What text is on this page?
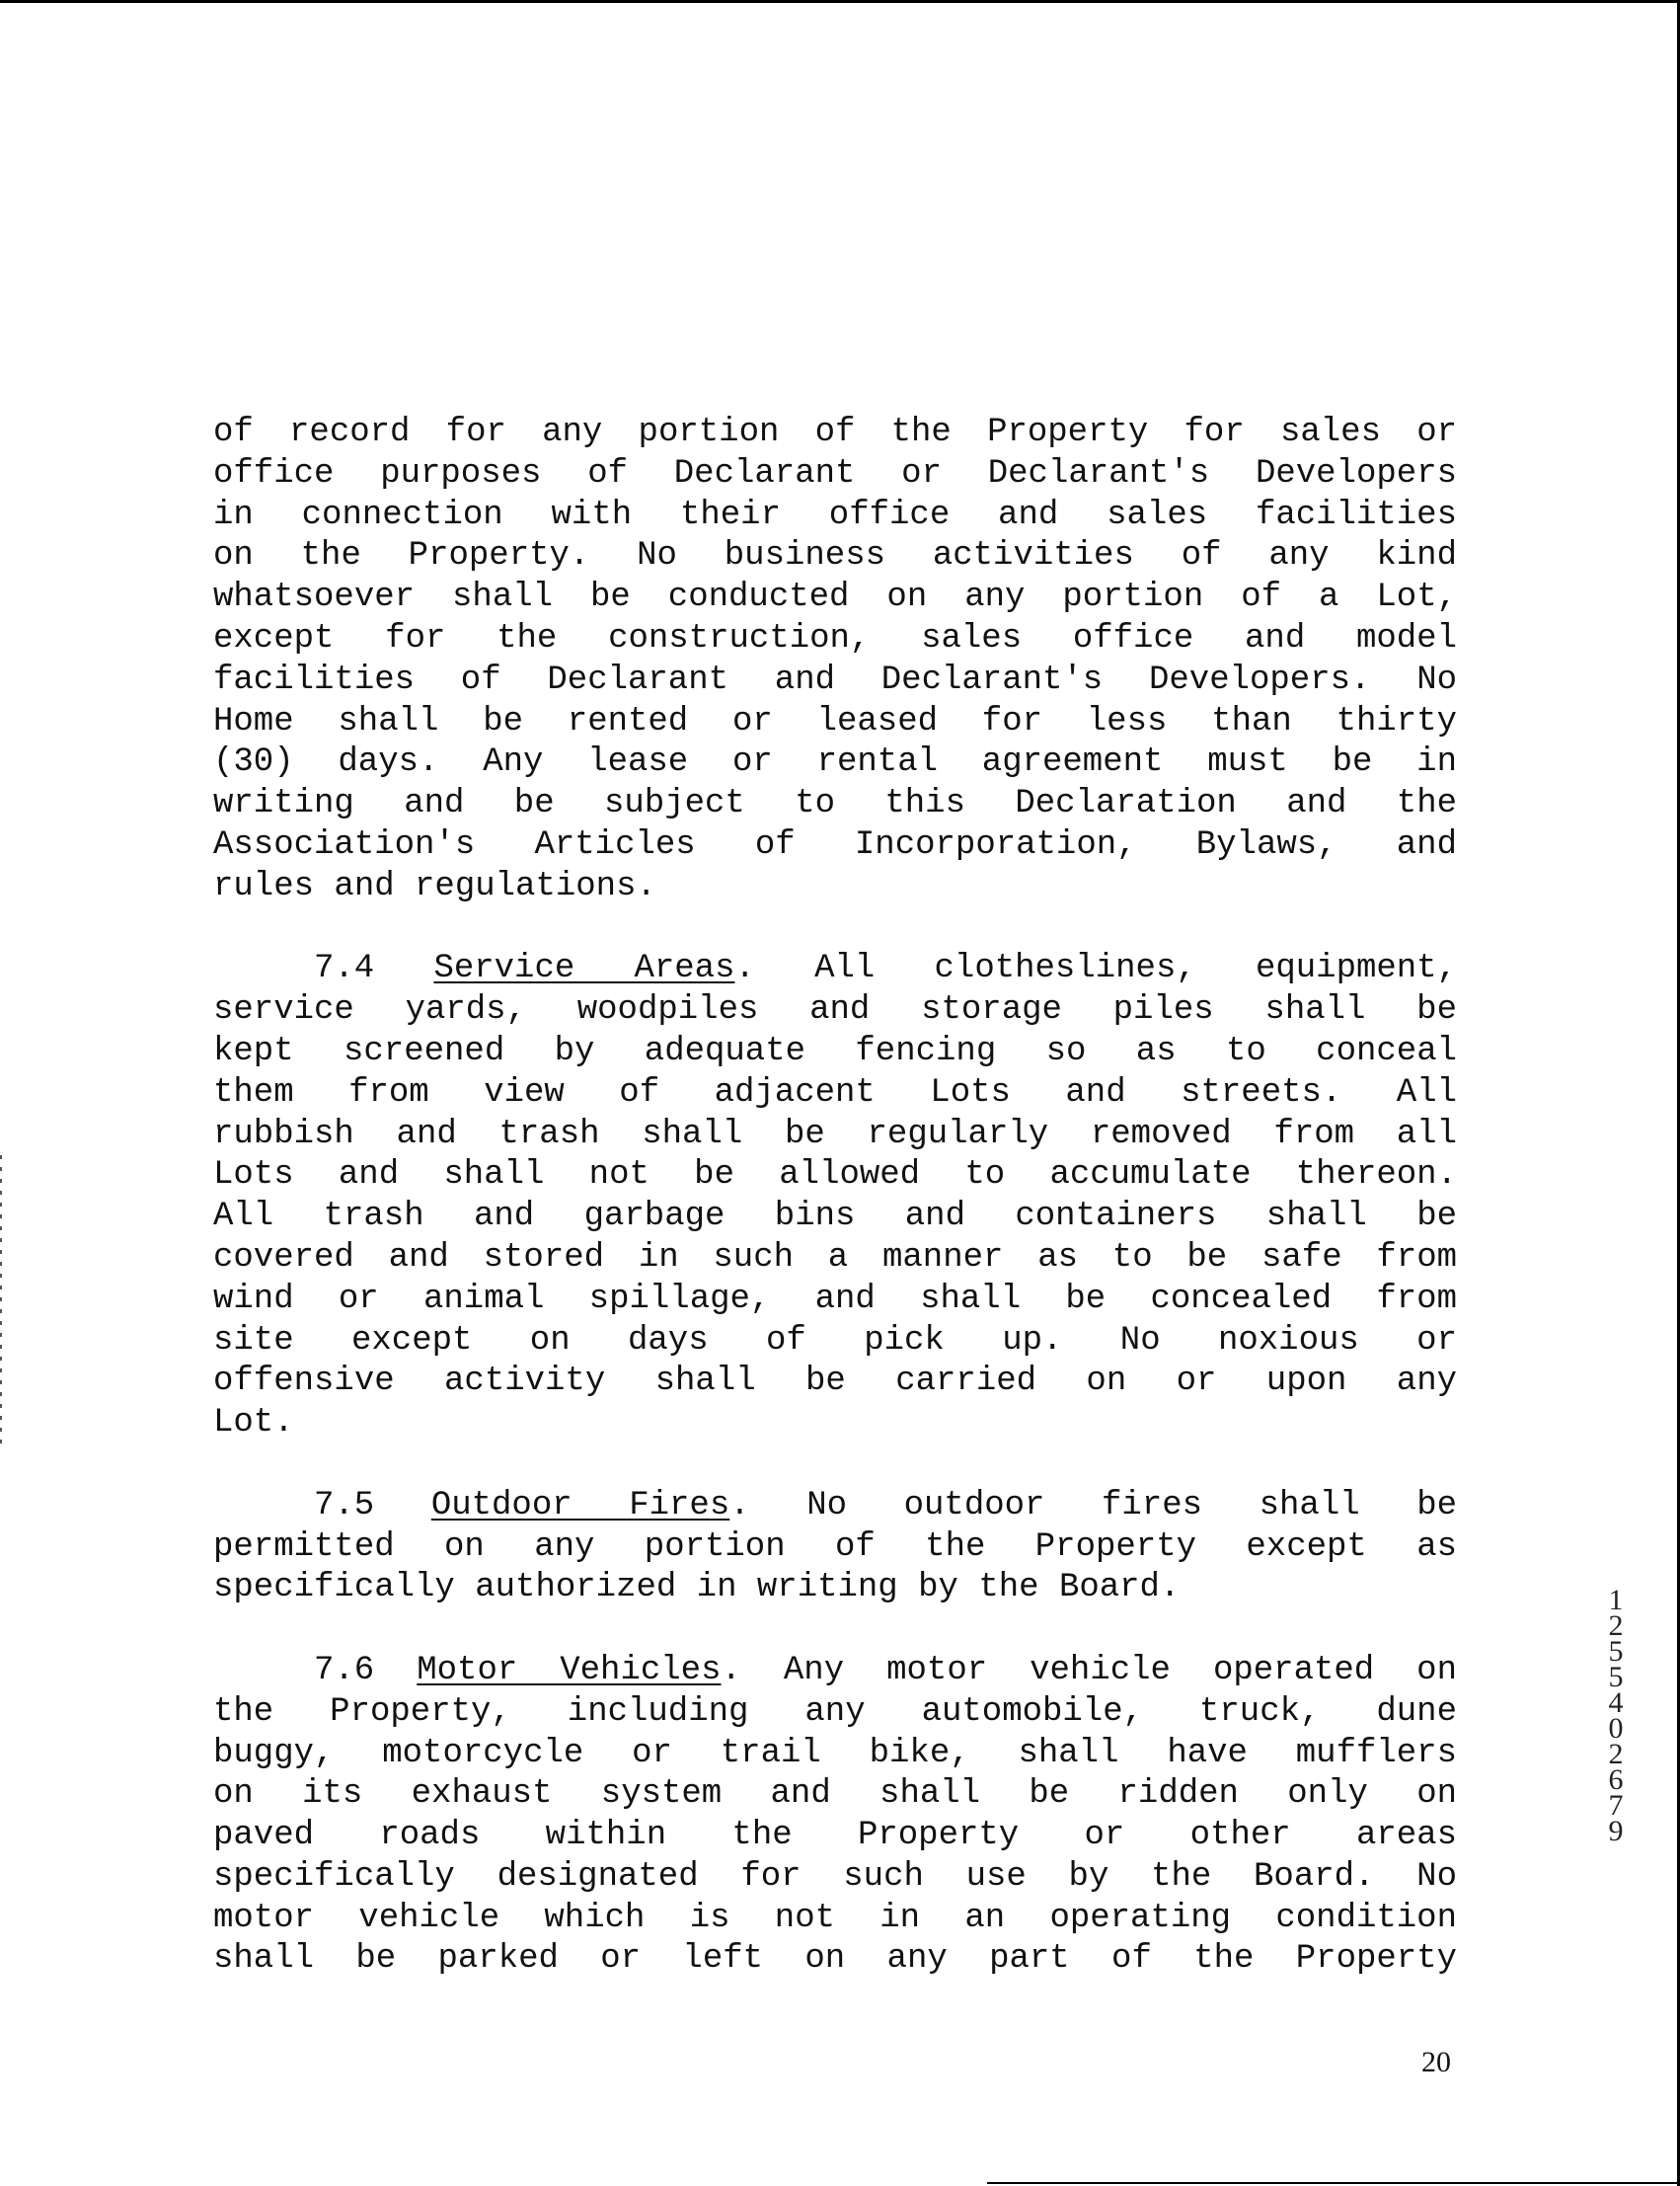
of record for any portion of the Property for sales or
office purposes of Declarant or Declarant's Developers
in connection with their office and sales facilities
on the Property. No business activities of any kind
whatsoever shall be conducted on any portion of a Lot,
except for the construction, sales office and model
facilities of Declarant and Declarant's Developers. No
Home shall be rented or leased for less than thirty
(30) days. Any lease or rental agreement must be in
writing and be subject to this Declaration and the
Association's Articles of Incorporation, Bylaws, and
rules and regulations.
7.4 Service Areas. All clotheslines, equipment,
service yards, woodpiles and storage piles shall be
kept screened by adequate fencing so as to conceal
them from view of adjacent Lots and streets. All
rubbish and trash shall be regularly removed from all
Lots and shall not be allowed to accumulate thereon.
All trash and garbage bins and containers shall be
covered and stored in such a manner as to be safe from
wind or animal spillage, and shall be concealed from
site except on days of pick up. No noxious or
offensive activity shall be carried on or upon any
Lot.
7.5 Outdoor Fires. No outdoor fires shall be
permitted on any portion of the Property except as
specifically authorized in writing by the Board.
7.6 Motor Vehicles. Any motor vehicle operated on
the Property, including any automobile, truck, dune
buggy, motorcycle or trail bike, shall have mufflers
on its exhaust system and shall be ridden only on
paved roads within the Property or other areas
specifically designated for such use by the Board. No
motor vehicle which is not in an operating condition
shall be parked or left on any part of the Property
1
2
5
5
4
0
2
6
7
9
20
